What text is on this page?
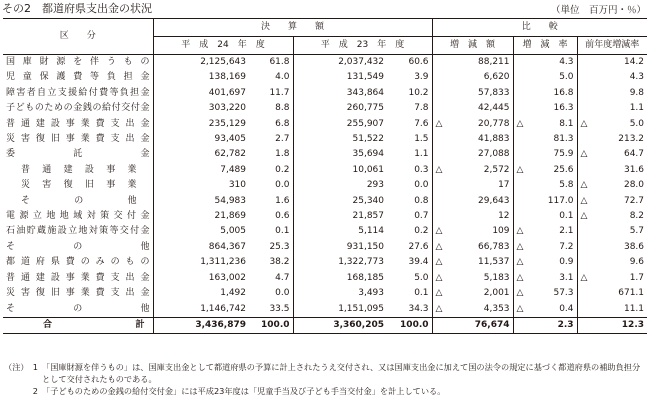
その2　都道府県支出金の状況	（単位　百万円・％）
区　　分	決　　算　　額				比　　較		
	平　成　24　年　度		平　成　23　年　度		増　減　額	増　減　率	前年度増減率
国庫財源を伴うもの	2,125,643	61.8	2,037,432	60.6	88,211	4.3	14.2
児童保護費等負担金	138,169	4.0	131,549	3.9	6,620	5.0	4.3
障害者自立支援給付費等負担金	401,697	11.7	343,864	10.2	57,833	16.8	9.8
子どものための金銭の給付交付金	303,220	8.8	260,775	7.8	42,445	16.3	1.1
普通建設事業費支出金	235,129	6.8	255,907	7.6	△ 20,778	△ 8.1	△ 5.0
災害復旧事業費支出金	93,405	2.7	51,522	1.5	41,883	81.3	213.2
委託金	62,782	1.8	35,694	1.1	27,088	75.9	△ 64.7
普通建設事業	7,489	0.2	10,061	0.3	△ 2,572	△ 25.6	31.6
災害復旧事業	310	0.0	293	0.0	17	5.8	△ 28.0
その他	54,983	1.6	25,340	0.8	29,643	117.0	△ 72.7
電源立地地域対策交付金	21,869	0.6	21,857	0.7	12	0.1	△ 8.2
石油貯蔵施設立地対策等交付金	5,005	0.1	5,114	0.2	△ 109	△ 2.1	5.7
その他	864,367	25.3	931,150	27.6	△ 66,783	△ 7.2	38.6
都道府県費のみのもの	1,311,236	38.2	1,322,773	39.4	△ 11,537	△ 0.9	9.6
普通建設事業費支出金	163,002	4.7	168,185	5.0	△ 5,183	△ 3.1	△ 1.7
災害復旧事業費支出金	1,492	0.0	3,493	0.1	△ 2,001	△ 57.3	671.1
その他	1,146,742	33.5	1,151,095	34.3	△ 4,353	△ 0.4	11.1
合計	3,436,879	100.0	3,360,205	100.0	76,674	2.3	12.3
（注） 1 「国庫財源を伴うもの」は、国庫支出金として都道府県の予算に計上されたうえ交付され、又は国庫支出金に加えて国の法令の規定に基づく都道府県の補助負担分として交付されたものである。
2 「子どものための金銭の給付交付金」には平成23年度は「児童手当及び子ども手当交付金」を計上している。
